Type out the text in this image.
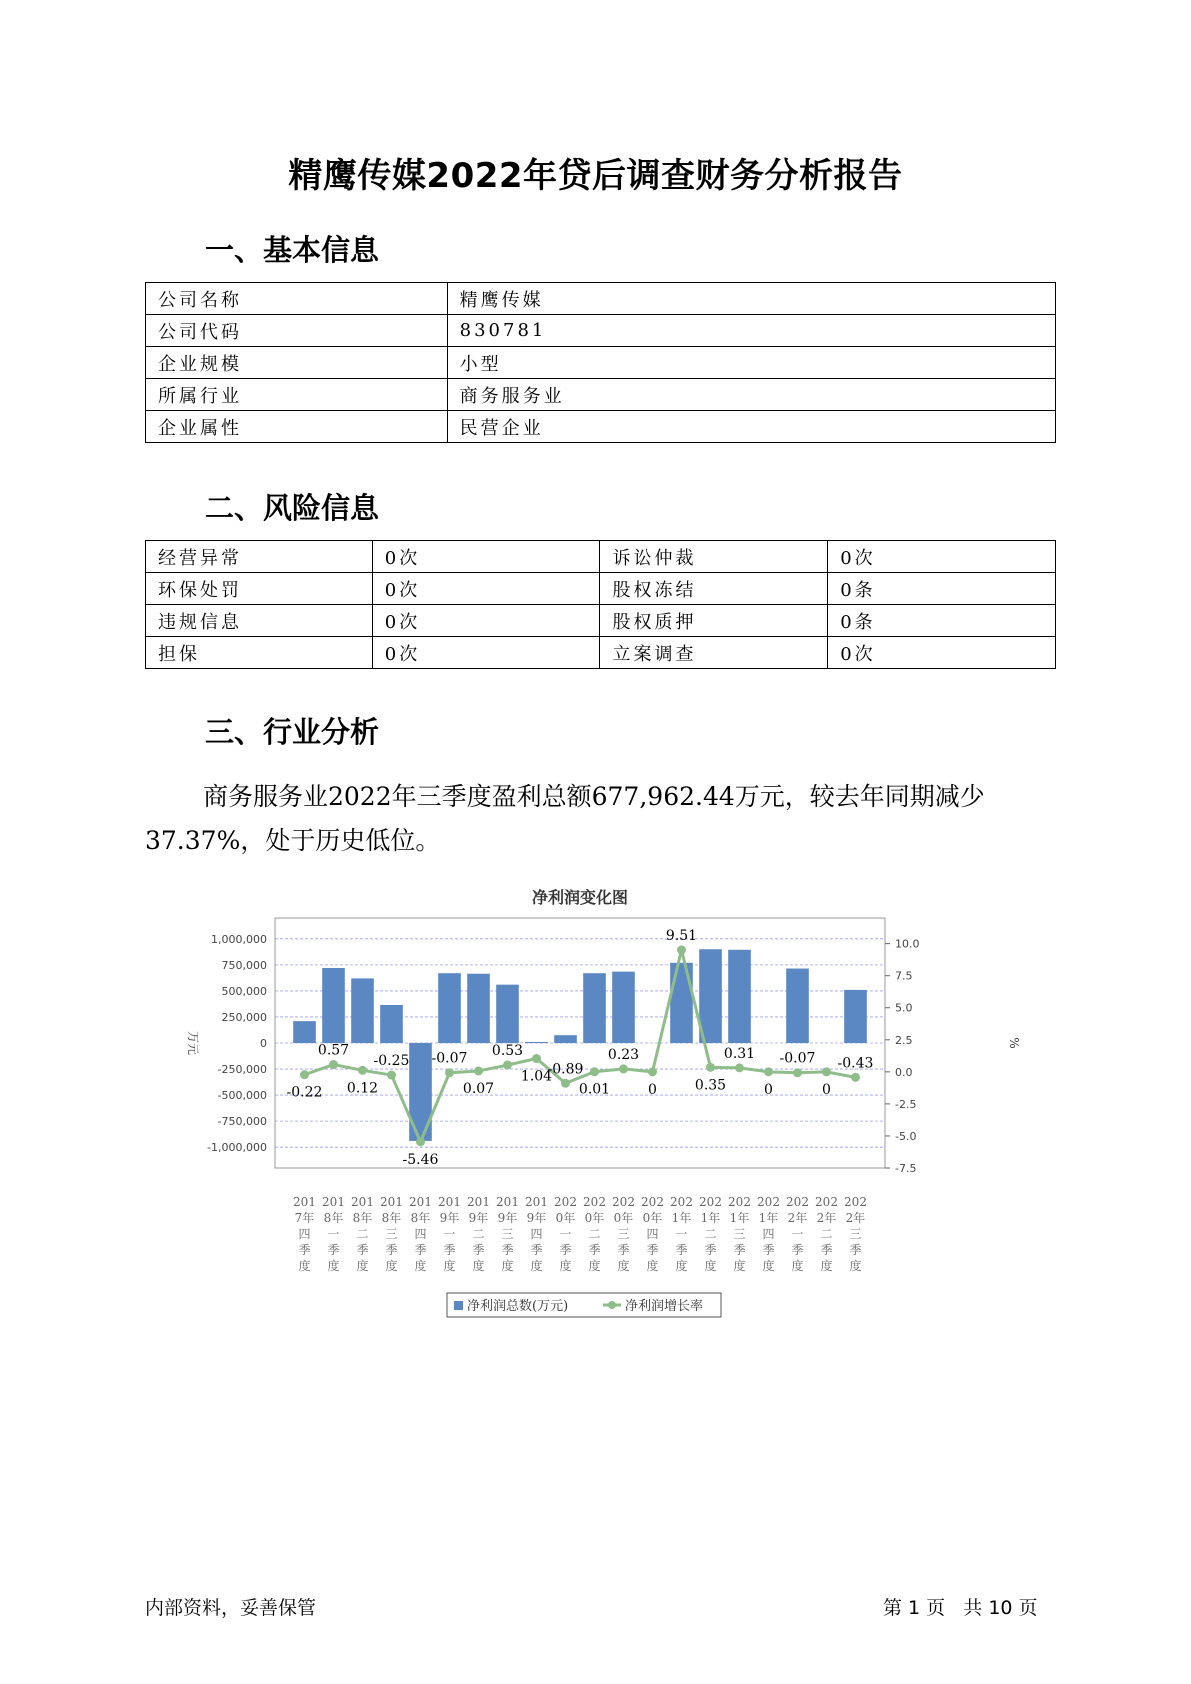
精鹰传媒2022年贷后调查财务分析报告
一、基本信息
公司名称	精鹰传媒
公司代码	830781
企业规模	小型
所属行业	商务服务业
企业属性	民营企业
二、风险信息
经营异常	0次	诉讼仲裁	0次
环保处罚	0次	股权冻结	0条
违规信息	0次	股权质押	0条
担保	0次	立案调查	0次
三、行业分析
商务服务业2022年三季度盈利总额677,962.44万元，较去年同期减少37.37%，处于历史低位。
净利润变化图
-1,000,000
-750,000
-500,000
-250,000
0
250,000
500,000
750,000
1,000,000
-7.5
-5.0
-2.5
0.0
2.5
5.0
7.5
10.0
万元	%
-0.22
0.57
0.12
-0.25
-5.46
-0.07
0.07
0.53
1.04
-0.89
0.01
0.23
0
9.51
0.35
0.31
0
-0.07
0
-0.43
201
7年
四
季
度
201
8年
一
季
度
201
8年
二
季
度
201
8年
三
季
度
201
8年
四
季
度
201
9年
一
季
度
201
9年
二
季
度
201
9年
三
季
度
201
9年
四
季
度
202
0年
一
季
度
202
0年
二
季
度
202
0年
三
季
度
202
0年
四
季
度
202
1年
一
季
度
202
1年
二
季
度
202
1年
三
季
度
202
1年
四
季
度
202
2年
一
季
度
202
2年
二
季
度
202
2年
三
季
度
净利润总数(万元)	净利润增长率
内部资料，妥善保管	第 1 页   共 10 页
